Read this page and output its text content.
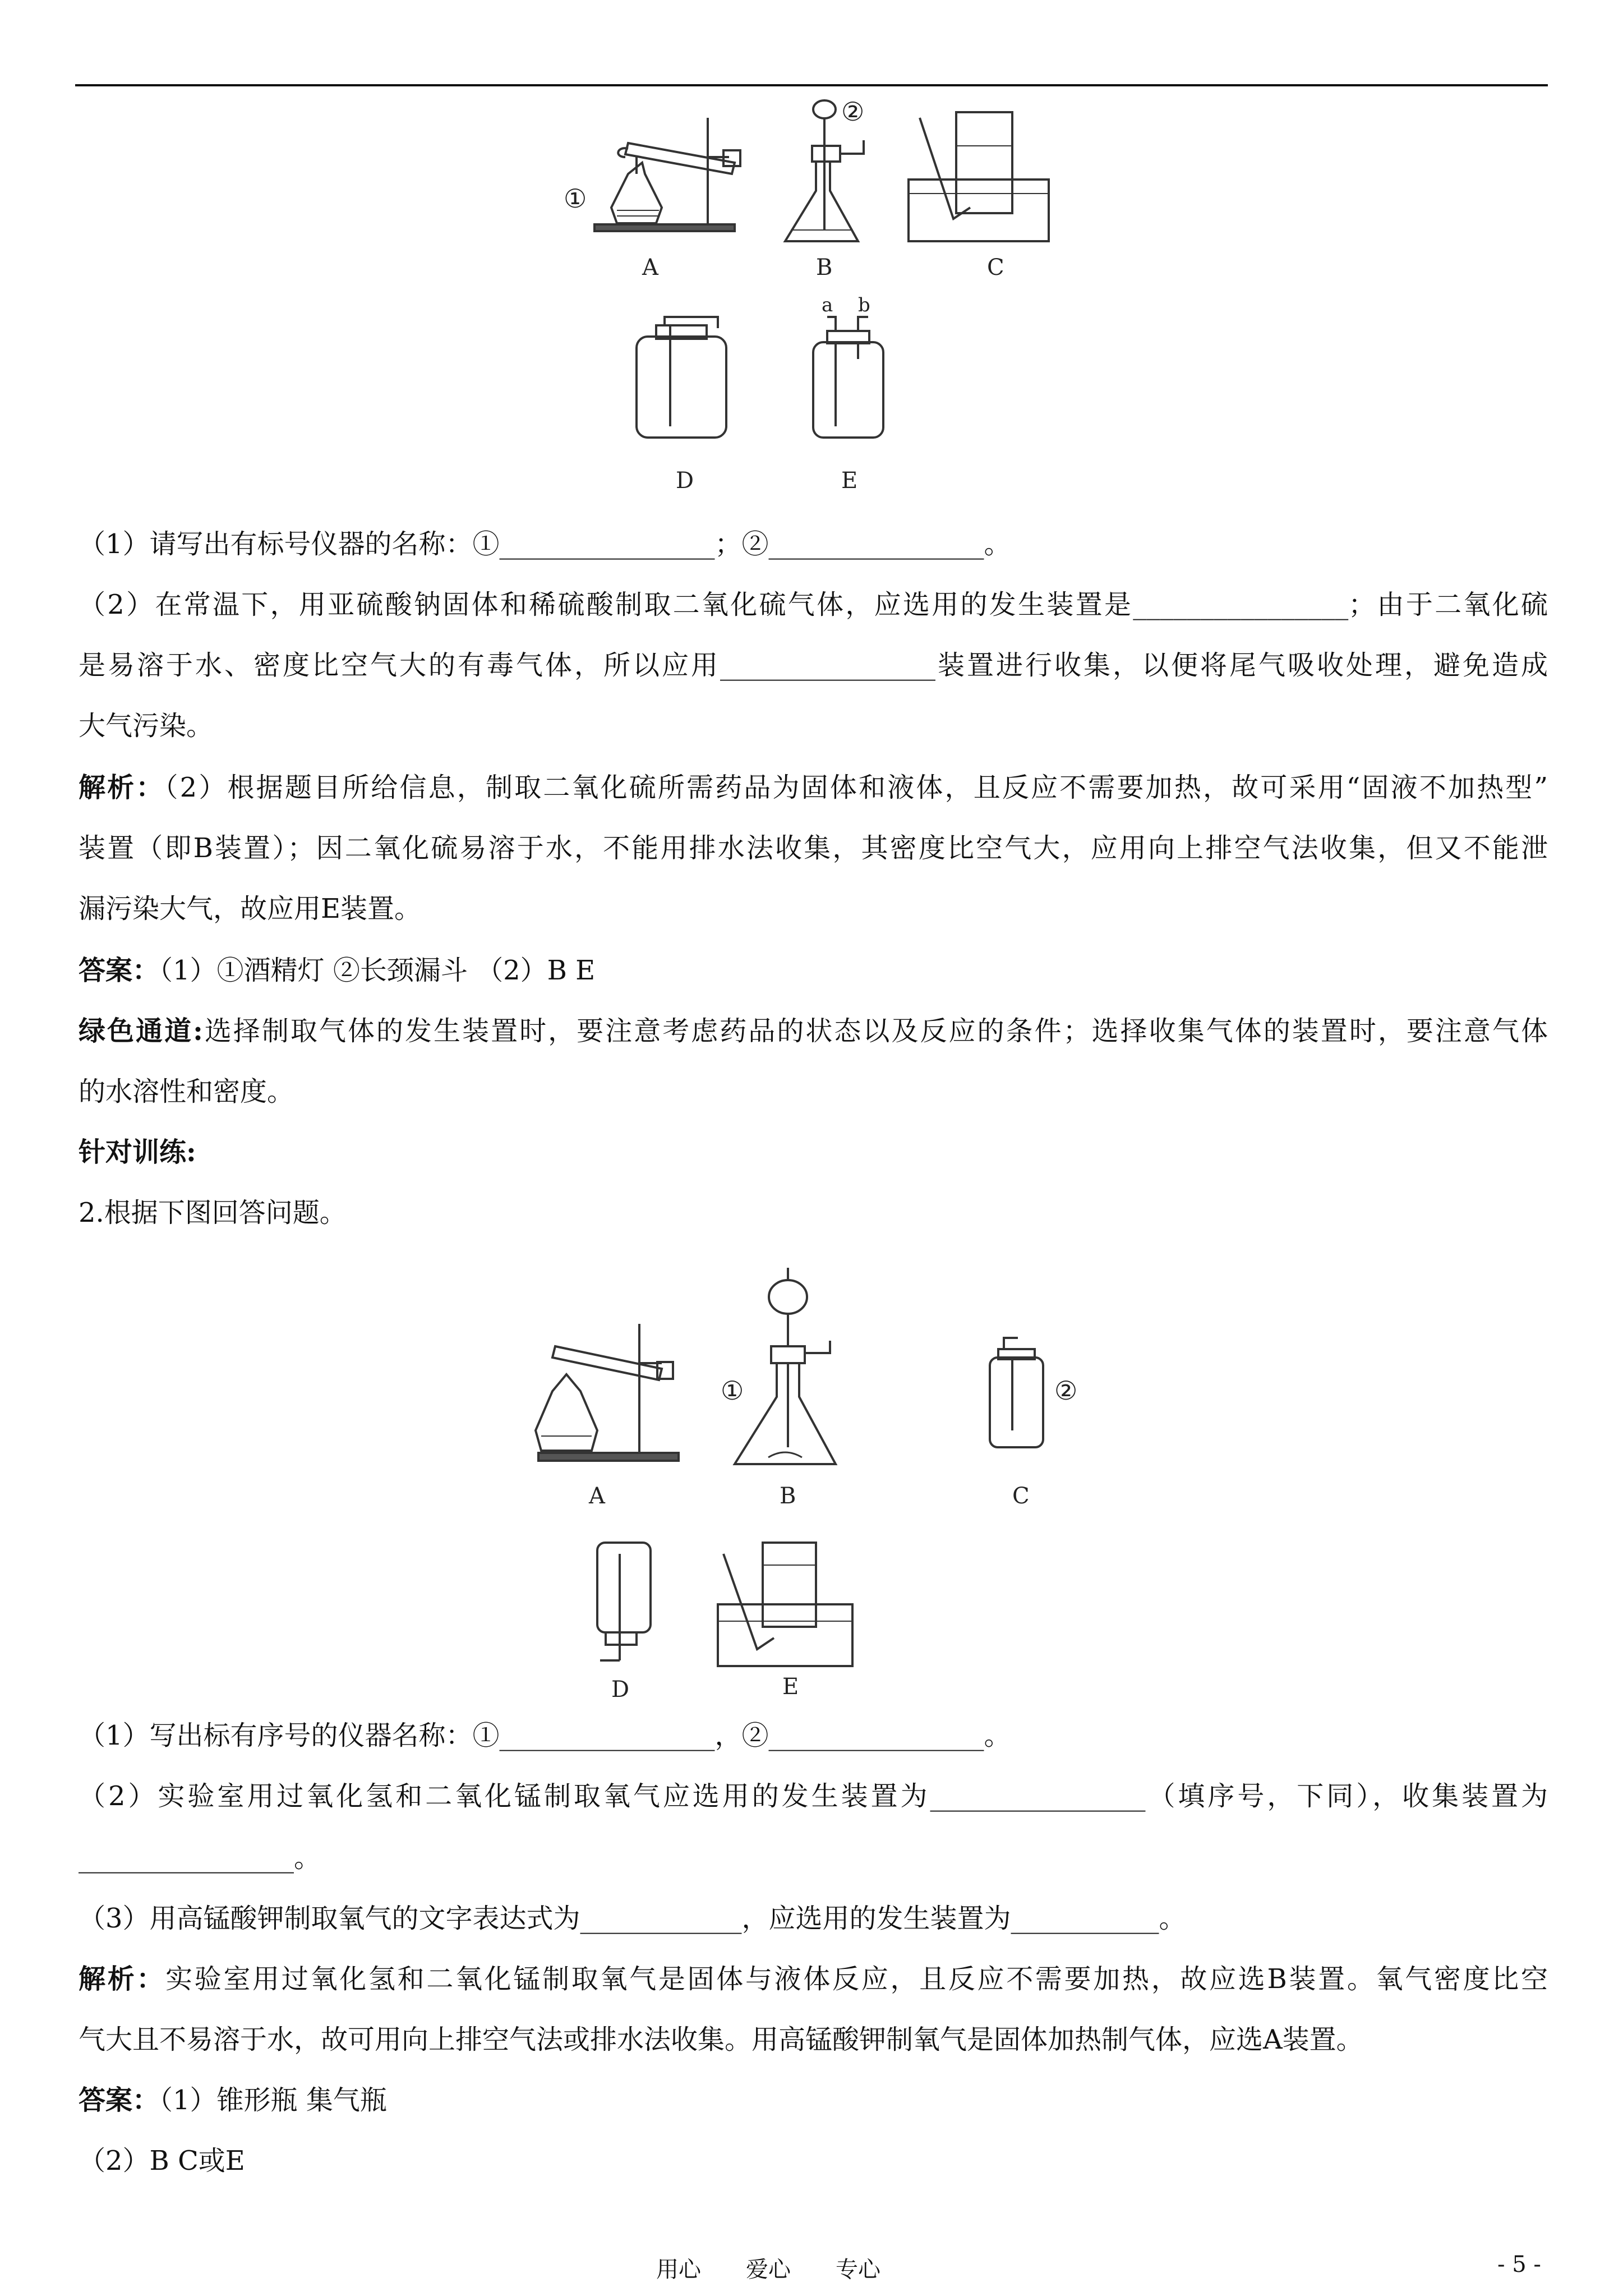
①
A
②
B	C
D
a b
E
（1）请写出有标号仪器的名称：①________________；②________________。
（2）在常温下，用亚硫酸钠固体和稀硫酸制取二氧化硫气体，应选用的发生装置是________________；由于二氧化硫
是易溶于水、密度比空气大的有毒气体，所以应用________________装置进行收集，以便将尾气吸收处理，避免造成
大气污染。
解析：（2）根据题目所给信息，制取二氧化硫所需药品为固体和液体，且反应不需要加热，故可采用“固液不加热型”
装置（即B装置）；因二氧化硫易溶于水，不能用排水法收集，其密度比空气大，应用向上排空气法收集，但又不能泄
漏污染大气，故应用E装置。
答案：（1）①酒精灯 ②长颈漏斗 （2）B E
绿色通道:选择制取气体的发生装置时，要注意考虑药品的状态以及反应的条件；选择收集气体的装置时，要注意气体
的水溶性和密度。
针对训练:
2.根据下图回答问题。
A
①
B
②
C
D	E
（1）写出标有序号的仪器名称：①________________，②________________。
（2）实验室用过氧化氢和二氧化锰制取氧气应选用的发生装置为________________（填序号，下同），收集装置为
________________。
（3）用高锰酸钾制取氧气的文字表达式为____________，应选用的发生装置为___________。
解析：实验室用过氧化氢和二氧化锰制取氧气是固体与液体反应，且反应不需要加热，故应选B装置。氧气密度比空
气大且不易溶于水，故可用向上排空气法或排水法收集。用高锰酸钾制氧气是固体加热制气体，应选A装置。
答案：（1）锥形瓶 集气瓶
（2）B C或E
用心　　爱心　　专心	- 5 -
